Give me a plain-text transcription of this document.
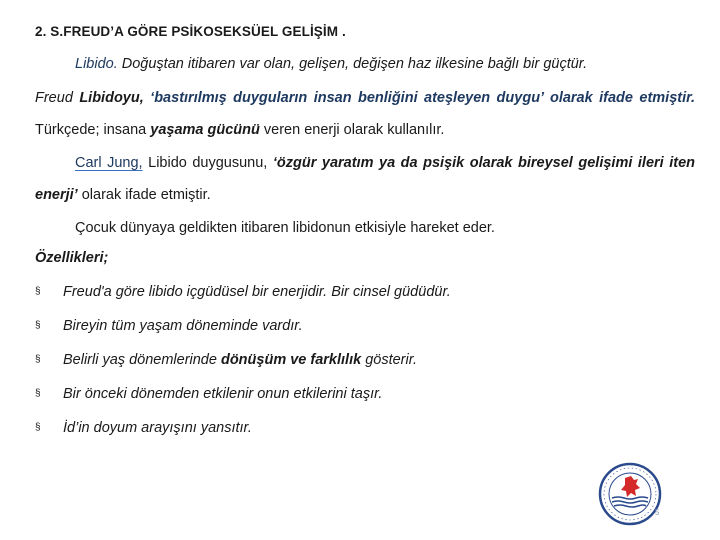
2. S.FREUD’A GÖRE PSİKOSEKSÜEL GELİŞİM .
Libido. Doğuştan itibaren var olan, gelişen, değişen haz ilkesine bağlı bir güçtür.
Freud Libidoyu, ‘bastırılmış duyguların insan benliğini ateşleyen duygu’ olarak ifade etmiştir. Türkçede; insana yaşama gücünü veren enerji olarak kullanılır.
Carl Jung, Libido duygusunu, ‘özgür yaratım ya da psişik olarak bireysel gelişimi ileri iten enerji’ olarak ifade etmiştir.
Çocuk dünyaya geldikten itibaren libidonun etkisiyle hareket eder.
Özellikleri;
§ Freud'a göre libido içgüdüsel bir enerjidir. Bir cinsel güdüdür.
§ Bireyin tüm yaşam döneminde vardır.
§ Belirli yaş dönemlerinde dönüşüm ve farklılık gösterir.
§ Bir önceki dönemden etkilenir onun etkilerini taşır.
§ İd’in doyum arayışını yansıtır.
5
